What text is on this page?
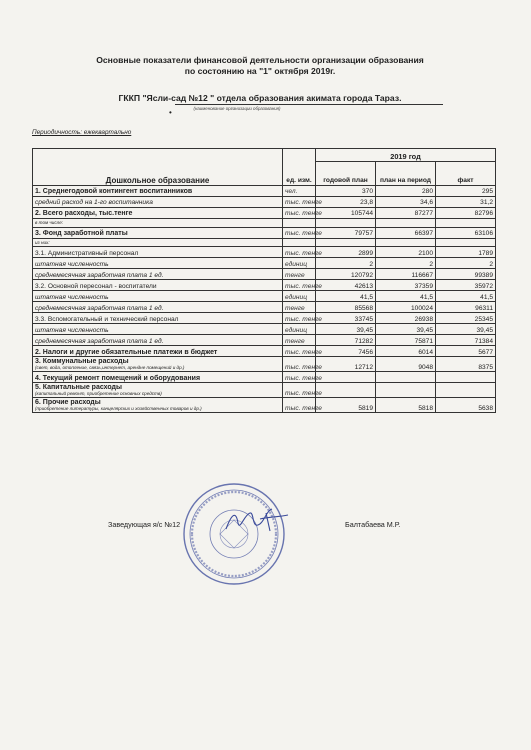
Основные показатели финансовой деятельности организации образования
по состоянию на "1" октября 2019г.
ГККП "Ясли-сад №12 " отдела образования акимата города Тараз.
•	(наименование организации образования)
Периодичность: ежеквартально
Дошкольное образование	ед. изм.	2019 год		
		годовой план	план на период	факт
1. Среднегодовой контингент воспитанников	чел.	370	280	295
средний расход на 1-го воспитанника	тыс. тенге	23,8	34,6	31,2
2. Всего расходы, тыс.тенге	тыс. тенге	105744	87277	82796
в том числе:				
3. Фонд заработной платы	тыс. тенге	79757	66397	63106
из них:				
3.1. Административный персонал	тыс. тенге	2899	2100	1789
штатная численность	единиц	2	2	2
среднемесячная заработная плата 1 ед.	тенге	120792	116667	99389
3.2. Основной пересонал - воспитатели	тыс. тенге	42613	37359	35972
штатная численность	единиц	41,5	41,5	41,5
среднемесячная заработная плата 1 ед.	тенге	85568	100024	96311
3.3. Вспомогательный и технический персонал	тыс. тенге	33745	26938	25345
штатная численность	единиц	39,45	39,45	39,45
среднемесячная заработная плата 1 ед.	тенге	71282	75871	71384
2. Налоги и другие обязательные платежи в бюджет	тыс. тенге	7456	6014	5677
3. Коммунальные расходы
(свет, вода, отопление, связь,интернет, арендне помещений и др.)	тыс. тенге	12712	9048	8375
4. Текущий ремонт помещений и оборудования	тыс. тенге			
5. Капитальные расходы
(капитальный ремонт, приобретение основных средств)	тыс. тенге			
6. Прочие расходы
(приобретение литературы, канцелярских и хозяйственных товаров и др.)	тыс. тенге	5819	5818	5638
Заведующая я/с №12	Балтабаева М.Р.
